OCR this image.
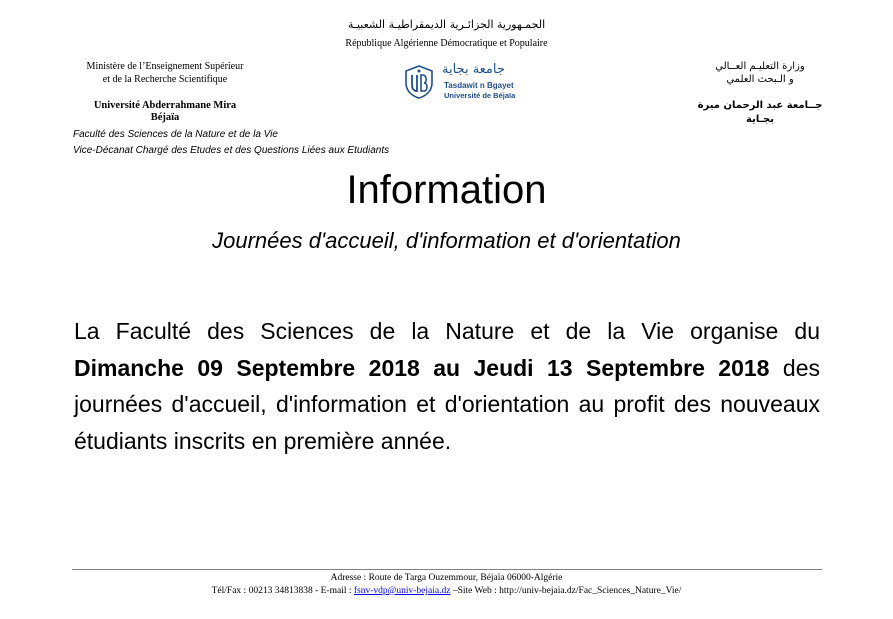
الجمـهورية الجزائـرية الديمقراطيـة الشعبيـة
République Algérienne Démocratique et Populaire
Ministère de l’Enseignement Supérieur
et de la Recherche Scientifique
Université Abderrahmane Mira
Béjaïa
Faculté des Sciences de la Nature et de la Vie
Vice-Décanat Chargé des Etudes et des Questions Liées aux Etudiants
وزارة التعليـم العــالي
و الـبحث العلمي
جــامعة عبد الرحمان ميرة
بجـاية
جامعة بجاية
Tasdawit n Bgayet
Université de Béjaïa
Information
Journées d'accueil, d'information et d'orientation
La Faculté des Sciences de la Nature et de la Vie organise du Dimanche 09 Septembre 2018 au Jeudi 13 Septembre 2018 des journées d'accueil, d'information et d'orientation au profit des nouveaux étudiants inscrits en première année.
Adresse : Route de Targa Ouzemmour, Béjaïa 06000-Algérie
Tél/Fax : 00213 34813838 - E-mail : fsnv-vdp@univ-bejaia.dz –Site Web : http://univ-bejaia.dz/Fac_Sciences_Nature_Vie/
